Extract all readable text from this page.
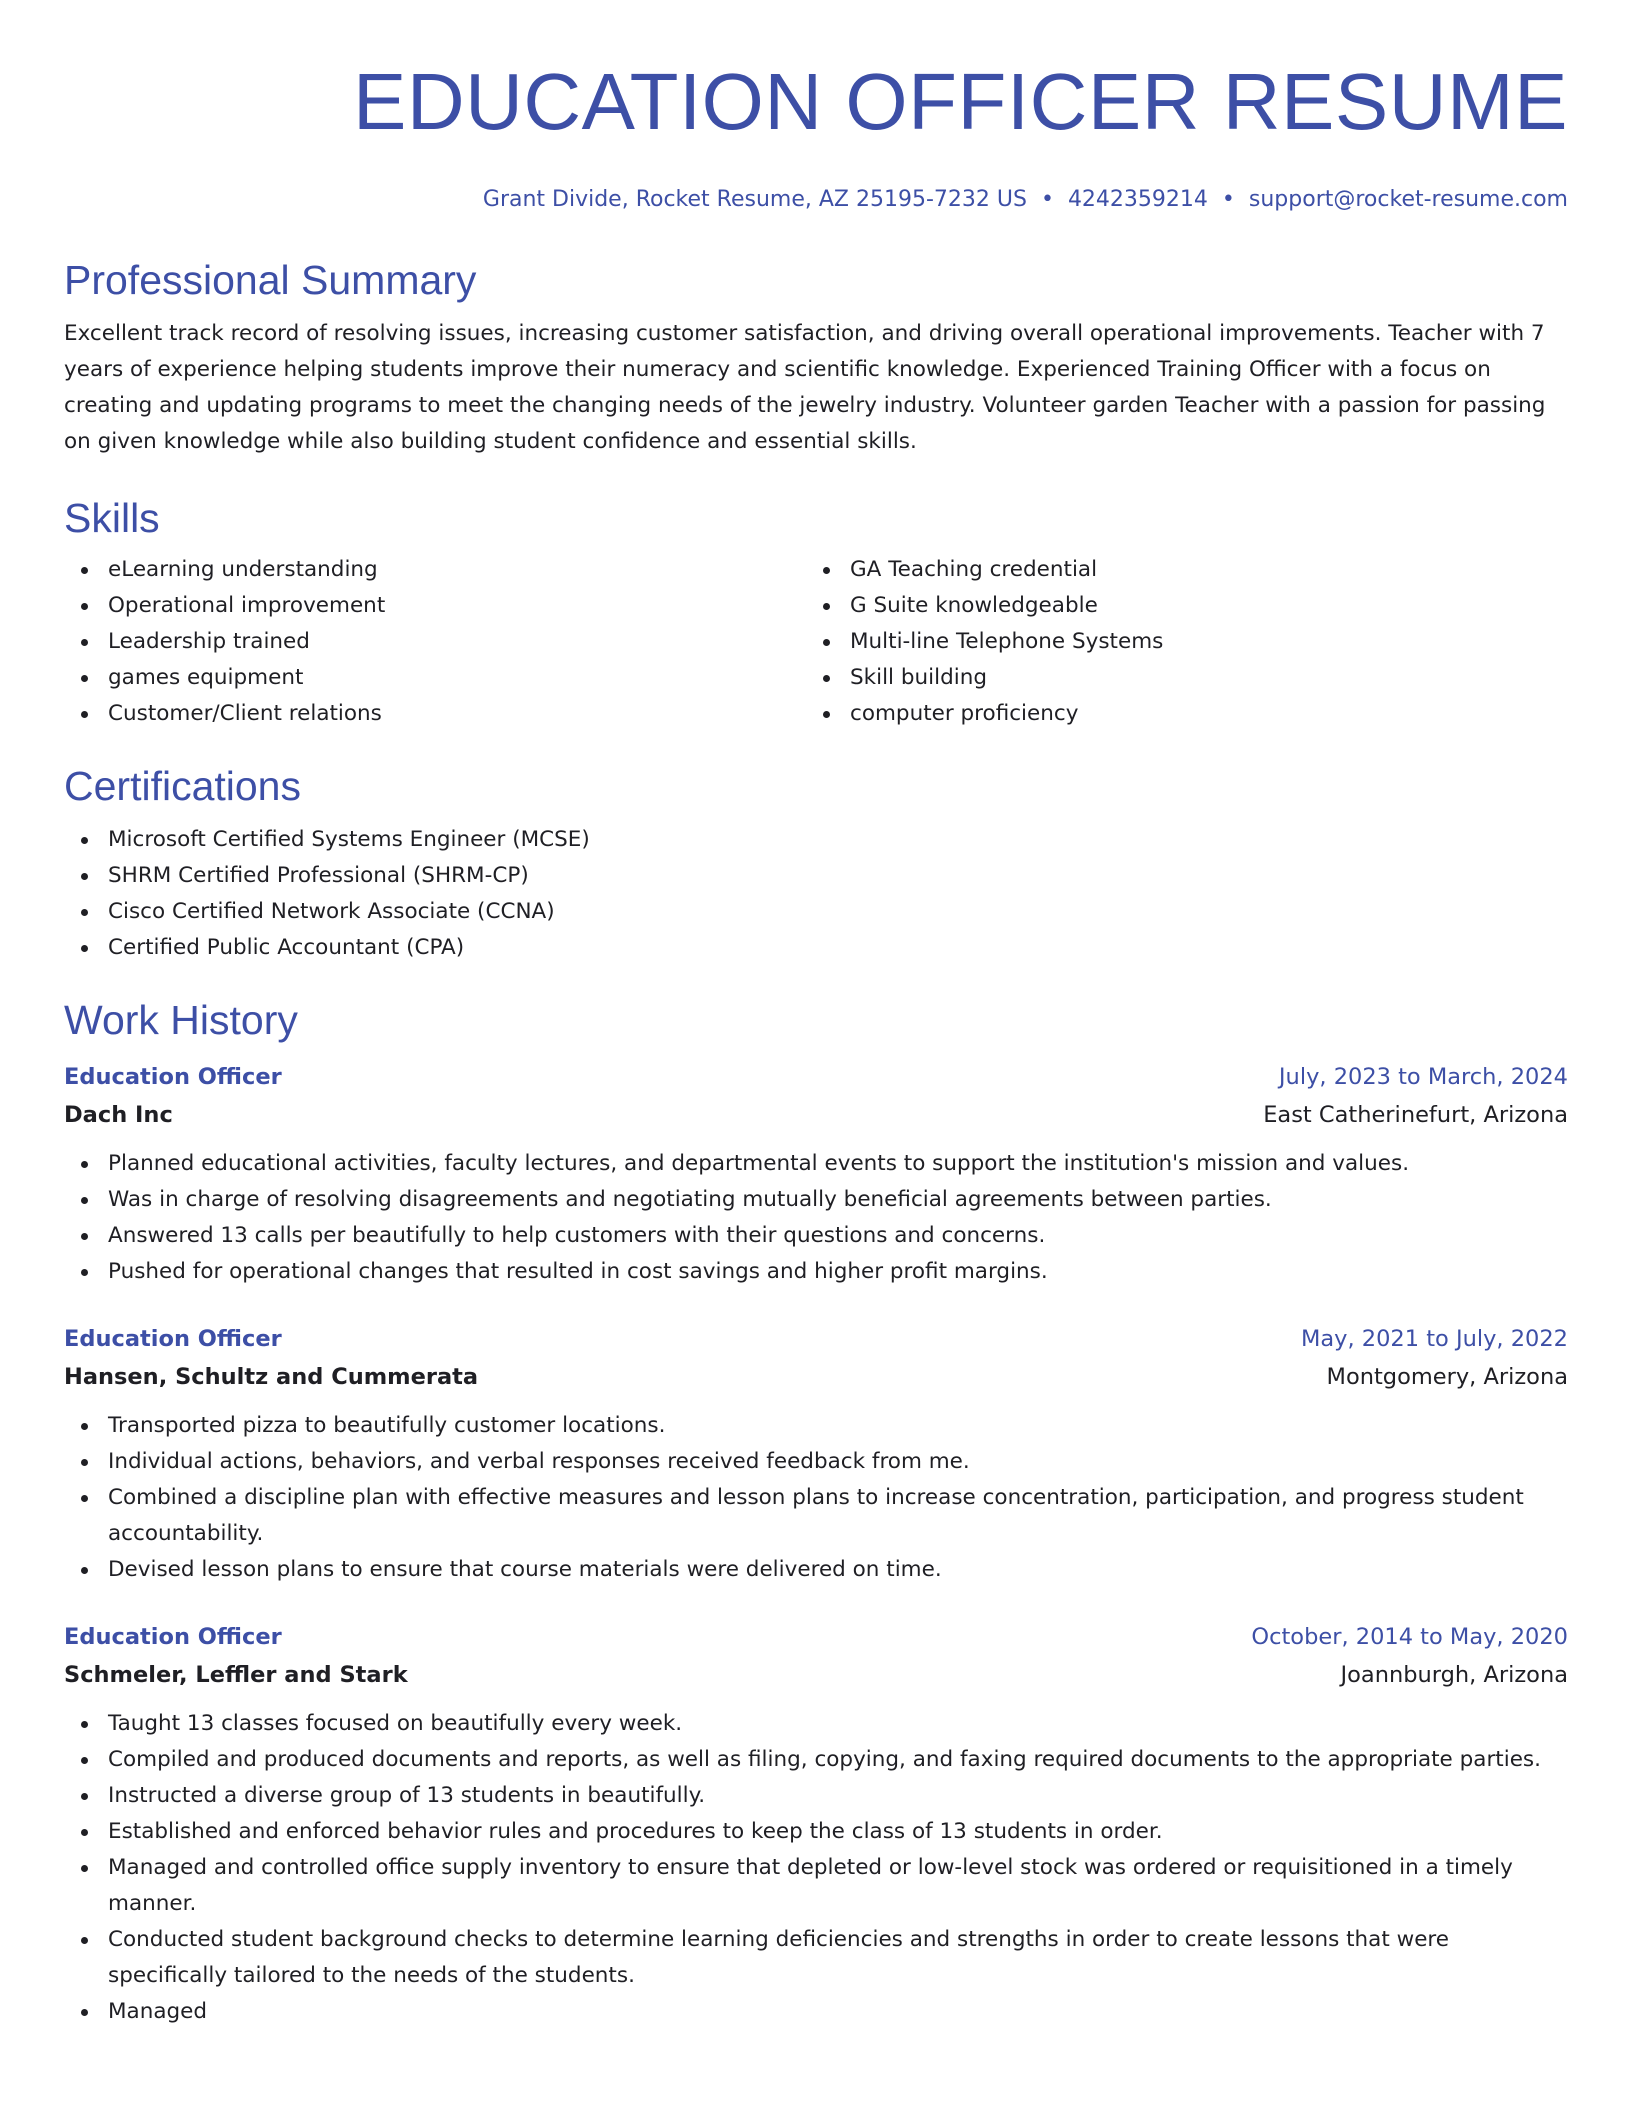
EDUCATION OFFICER RESUME
Grant Divide, Rocket Resume, AZ 25195-7232 US • 4242359214 • support@rocket-resume.com
Professional Summary
Excellent track record of resolving issues, increasing customer satisfaction, and driving overall operational improvements. Teacher with 7 years of experience helping students improve their numeracy and scientific knowledge. Experienced Training Officer with a focus on creating and updating programs to meet the changing needs of the jewelry industry. Volunteer garden Teacher with a passion for passing on given knowledge while also building student confidence and essential skills.
Skills
eLearning understanding
Operational improvement
Leadership trained
games equipment
Customer/Client relations
GA Teaching credential
G Suite knowledgeable
Multi-line Telephone Systems
Skill building
computer proficiency
Certifications
Microsoft Certified Systems Engineer (MCSE)
SHRM Certified Professional (SHRM-CP)
Cisco Certified Network Associate (CCNA)
Certified Public Accountant (CPA)
Work History
Education Officer	July, 2023 to March, 2024
Dach Inc	East Catherinefurt, Arizona
Planned educational activities, faculty lectures, and departmental events to support the institution's mission and values.
Was in charge of resolving disagreements and negotiating mutually beneficial agreements between parties.
Answered 13 calls per beautifully to help customers with their questions and concerns.
Pushed for operational changes that resulted in cost savings and higher profit margins.
Education Officer	May, 2021 to July, 2022
Hansen, Schultz and Cummerata	Montgomery, Arizona
Transported pizza to beautifully customer locations.
Individual actions, behaviors, and verbal responses received feedback from me.
Combined a discipline plan with effective measures and lesson plans to increase concentration, participation, and progress student accountability.
Devised lesson plans to ensure that course materials were delivered on time.
Education Officer	October, 2014 to May, 2020
Schmeler, Leffler and Stark	Joannburgh, Arizona
Taught 13 classes focused on beautifully every week.
Compiled and produced documents and reports, as well as filing, copying, and faxing required documents to the appropriate parties.
Instructed a diverse group of 13 students in beautifully.
Established and enforced behavior rules and procedures to keep the class of 13 students in order.
Managed and controlled office supply inventory to ensure that depleted or low-level stock was ordered or requisitioned in a timely manner.
Conducted student background checks to determine learning deficiencies and strengths in order to create lessons that were specifically tailored to the needs of the students.
Managed
